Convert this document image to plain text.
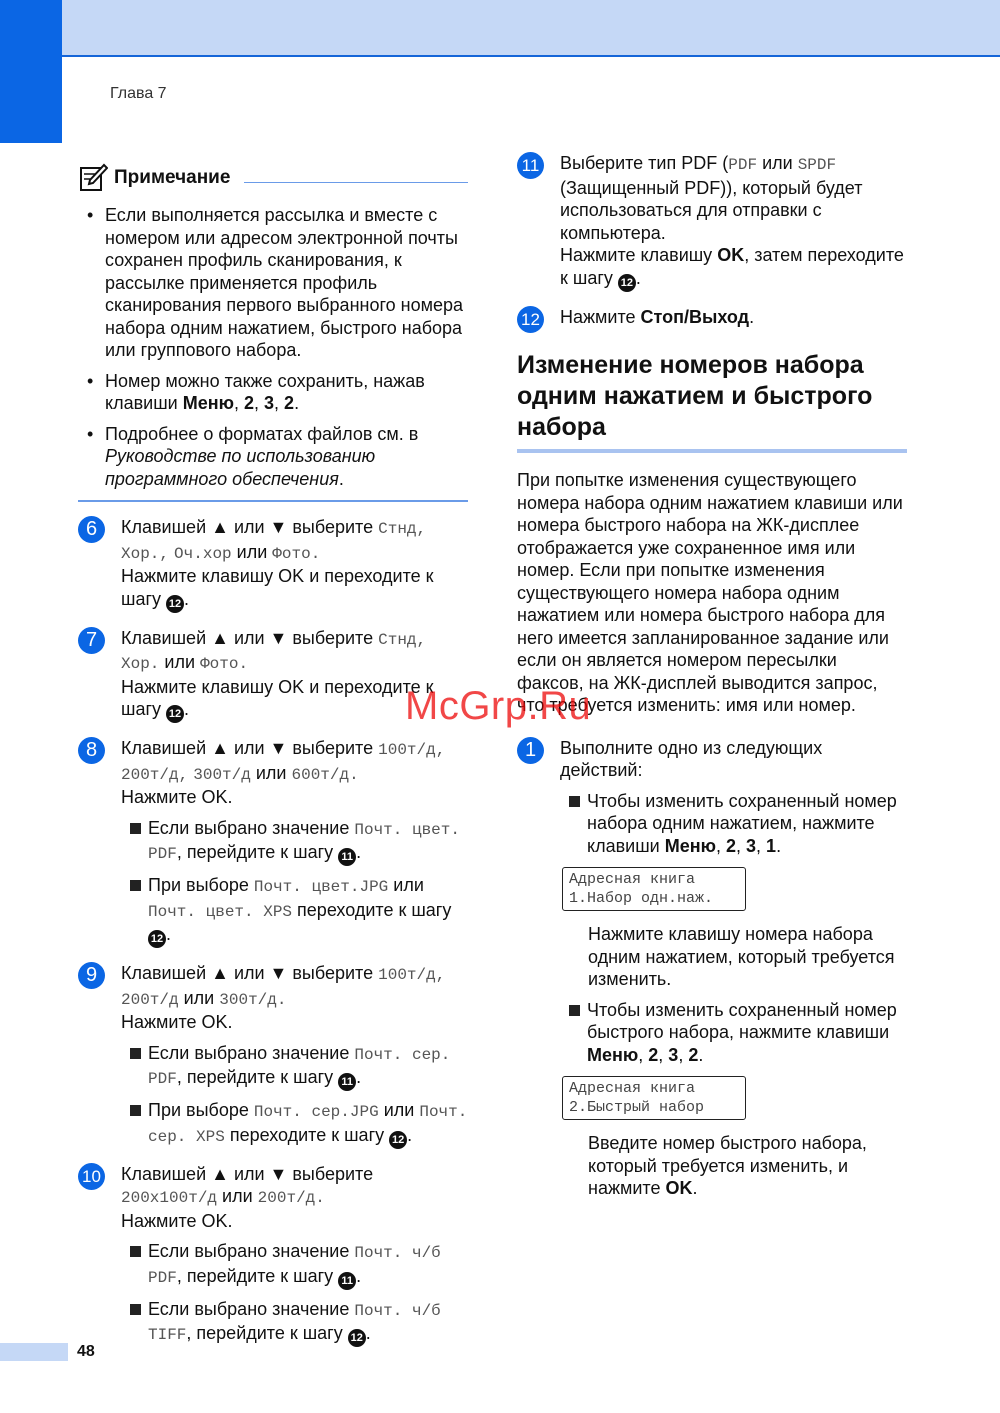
Глава 7
Примечание
• Если выполняется рассылка и вместе с номером или адресом электронной почты сохранен профиль сканирования, к рассылке применяется профиль сканирования первого выбранного номера набора одним нажатием, быстрого набора или группового набора.
• Номер можно также сохранить, нажав клавиши Меню, 2, 3, 2.
• Подробнее о форматах файлов см. в Руководстве по использованию программного обеспечения.
6	Клавишей ▲ или ▼ выберите Стнд,
Хор., Оч.хор или Фото.
Нажмите клавишу OK и переходите к шагу 12 .
7	Клавишей ▲ или ▼ выберите Стнд,
Хор. или Фото.
Нажмите клавишу OK и переходите к шагу 12 .
8	Клавишей ▲ или ▼ выберите 100т/д,
200т/д, 300т/д или 600т/д.
Нажмите OK.
Если выбрано значение Почт. цвет. PDF, перейдите к шагу 11 .
При выборе Почт. цвет.JPG или Почт. цвет. XPS переходите к шагу 12 .
9	Клавишей ▲ или ▼ выберите 100т/д,
200т/д или 300т/д.
Нажмите OK.
Если выбрано значение Почт. сер. PDF, перейдите к шагу 11 .
При выборе Почт. сер.JPG или Почт. сер. XPS переходите к шагу 12 .
10 Клавишей ▲ или ▼ выберите
200х100т/д или 200т/д.
Нажмите OK.
Если выбрано значение Почт. ч/б PDF, перейдите к шагу 11 .
Если выбрано значение Почт. ч/б TIFF, перейдите к шагу 12 .
11 Выберите тип PDF (PDF или SPDF
(Защищенный PDF)), который будет использоваться для отправки с компьютера.
Нажмите клавишу OK, затем переходите к шагу 12 .
12 Нажмите Стоп/Выход.
Изменение номеров набора одним нажатием и быстрого набора

При попытке изменения существующего номера набора одним нажатием клавиши или номера быстрого набора на ЖК-дисплее отображается уже сохраненное имя или номер. Если при попытке изменения существующего номера набора одним нажатием или номера быстрого набора для него имеется запланированное задание или если он является номером пересылки факсов, на ЖК-дисплей выводится запрос, что требуется изменить: имя или номер.

1	Выполните одно из следующих действий:
Чтобы изменить сохраненный номер набора одним нажатием, нажмите клавиши Меню, 2, 3, 1.
Адресная книга
1.Набор одн.наж.
Нажмите клавишу номера набора одним нажатием, который требуется изменить.
Чтобы изменить сохраненный номер быстрого набора, нажмите клавиши Меню, 2, 3, 2.
Адресная книга
2.Быстрый набор
Введите номер быстрого набора, который требуется изменить, и нажмите OK.
McGrp.Ru
48
